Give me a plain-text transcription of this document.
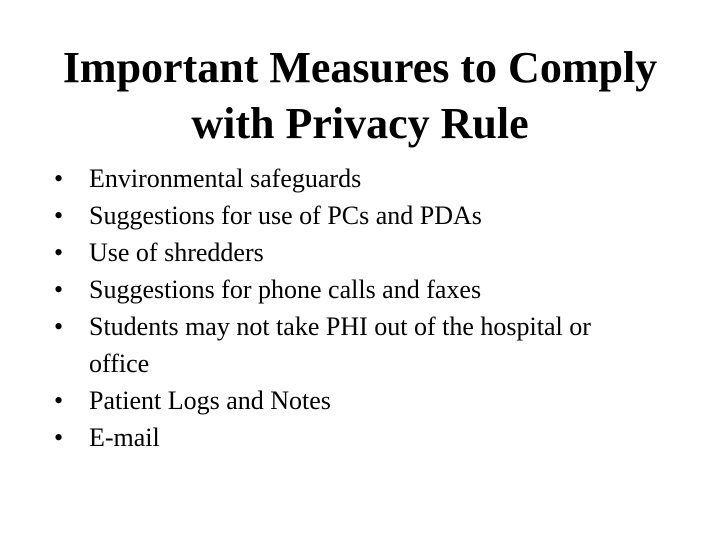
Important Measures to Comply
with Privacy Rule
• Environmental safeguards
• Suggestions for use of PCs and PDAs
• Use of shredders
• Suggestions for phone calls and faxes
• Students may not take PHI out of the hospital or office
• Patient Logs and Notes
• E-mail
